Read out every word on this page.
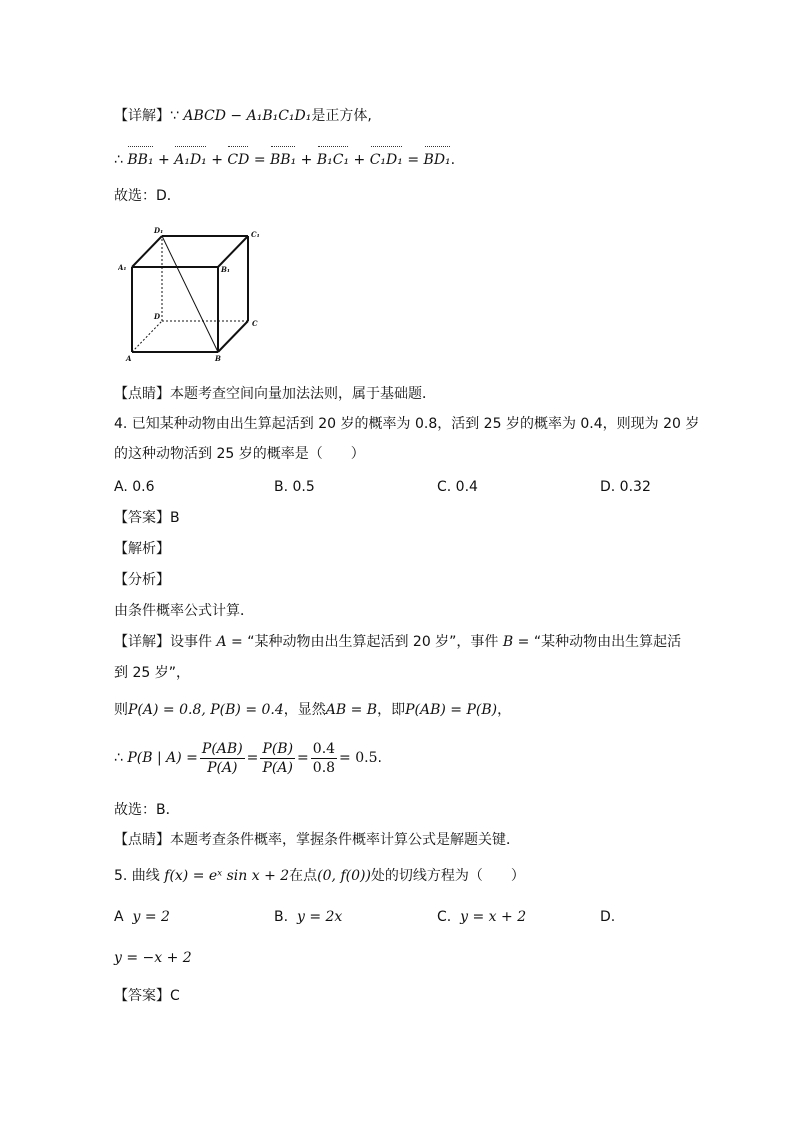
【详解】∵ ABCD − A₁B₁C₁D₁是正方体,
∴ BB₁ + A₁D₁ + CD = BB₁ + B₁C₁ + C₁D₁ = BD₁.
故选：D．
D₁	C₁
A₁	B₁
D
C
A	B
【点睛】本题考查空间向量加法法则，属于基础题．
4. 已知某种动物由出生算起活到 20 岁的概率为 0.8，活到 25 岁的概率为 0.4，则现为 20 岁
的这种动物活到 25 岁的概率是（　　）
A. 0.6	B. 0.5	C. 0.4	D. 0.32
【答案】B
【解析】
【分析】
由条件概率公式计算．
【详解】设事件 A = “某种动物由出生算起活到 20 岁”，事件 B = “某种动物由出生算起活
到 25 岁”，
则P(A) = 0.8, P(B) = 0.4，显然AB = B，即P(AB) = P(B)，
∴
P(B | $A) = \frac{P(AB)}{P(A)} = \frac{P(B)}{P(A)} = \frac{0.4}{0.8} = 0.5$ .
故选：B．
【点睛】本题考查条件概率，掌握条件概率计算公式是解题关键．
5. 曲线 f(x) = eˣ sin x + 2在点(0, f(0))处的切线方程为（　　）
A y = 2	B. y = 2x	C. y = x + 2	D.
y = −x + 2
【答案】C
